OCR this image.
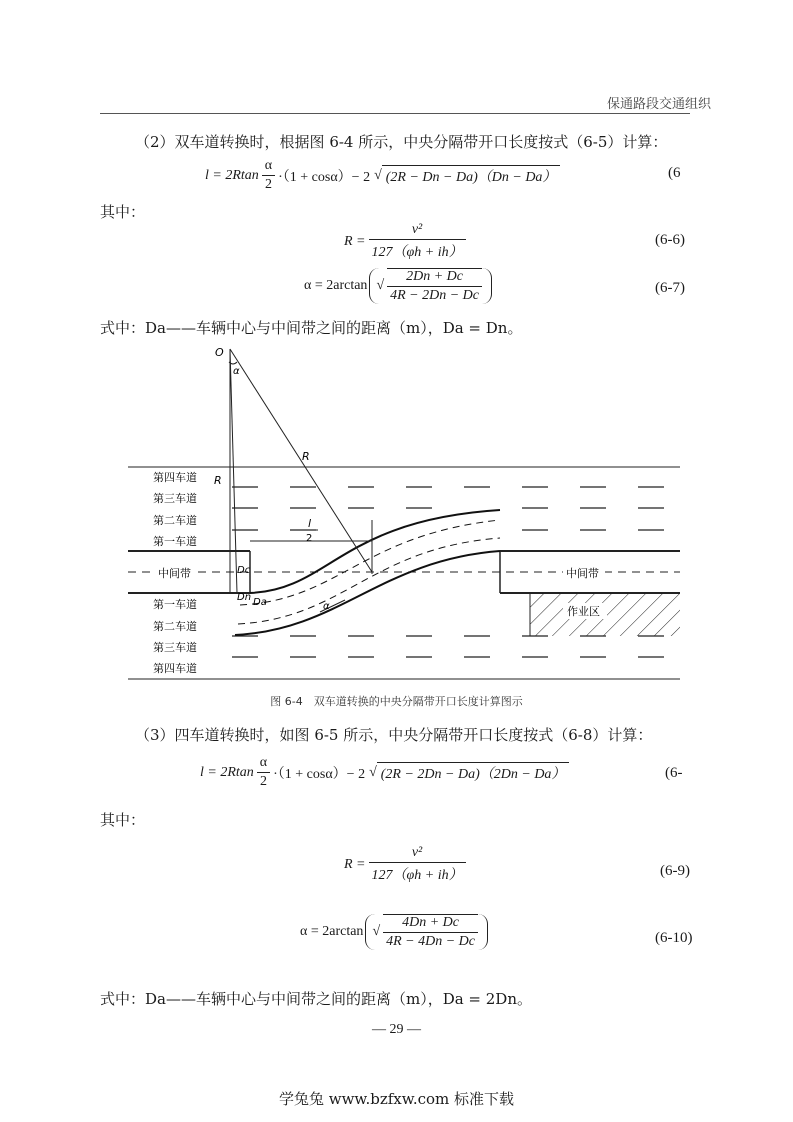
保通路段交通组织
（2）双车道转换时，根据图 6-4 所示，中央分隔带开口长度按式（6-5）计算：
$l = 2Rtan \frac{\alpha}{2} \cdot(1 + \cos\alpha)- 2$ √ (2R − Dn − Da)（Dn − Da）	(6
其中：
$R = \frac{\text{v²}}{127(\varphi h + ih)}$	(6-6)
α = 2arctan √ $\frac{2Dn + Dc}{4R - 2Dn - Dc}$	(6-7)
式中：Da——车辆中心与中间带之间的距离（m），Da = Dn。
O
α
R
R
l
2
Dc
Dn Da	α
中间带	中间带
作业区
第四车道
第三车道
第二车道
第一车道
第一车道
第二车道
第三车道
第四车道
图 6-4　双车道转换的中央分隔带开口长度计算图示
（3）四车道转换时，如图 6-5 所示，中央分隔带开口长度按式（6-8）计算：
$l = 2Rtan \frac{\alpha}{2} \cdot(1 + \cos\alpha)- 2$ √ (2R − 2Dn − Da)（2Dn − Da）	(6-
其中：
$R = \frac{\text{v²}}{127(\varphi h + ih)}$	(6-9)
α = 2arctan √ $\frac{4Dn + Dc}{4R - 4Dn - Dc}$	(6-10)
式中：Da——车辆中心与中间带之间的距离（m），Da = 2Dn。
— 29 —
学兔兔 www.bzfxw.com 标准下载
